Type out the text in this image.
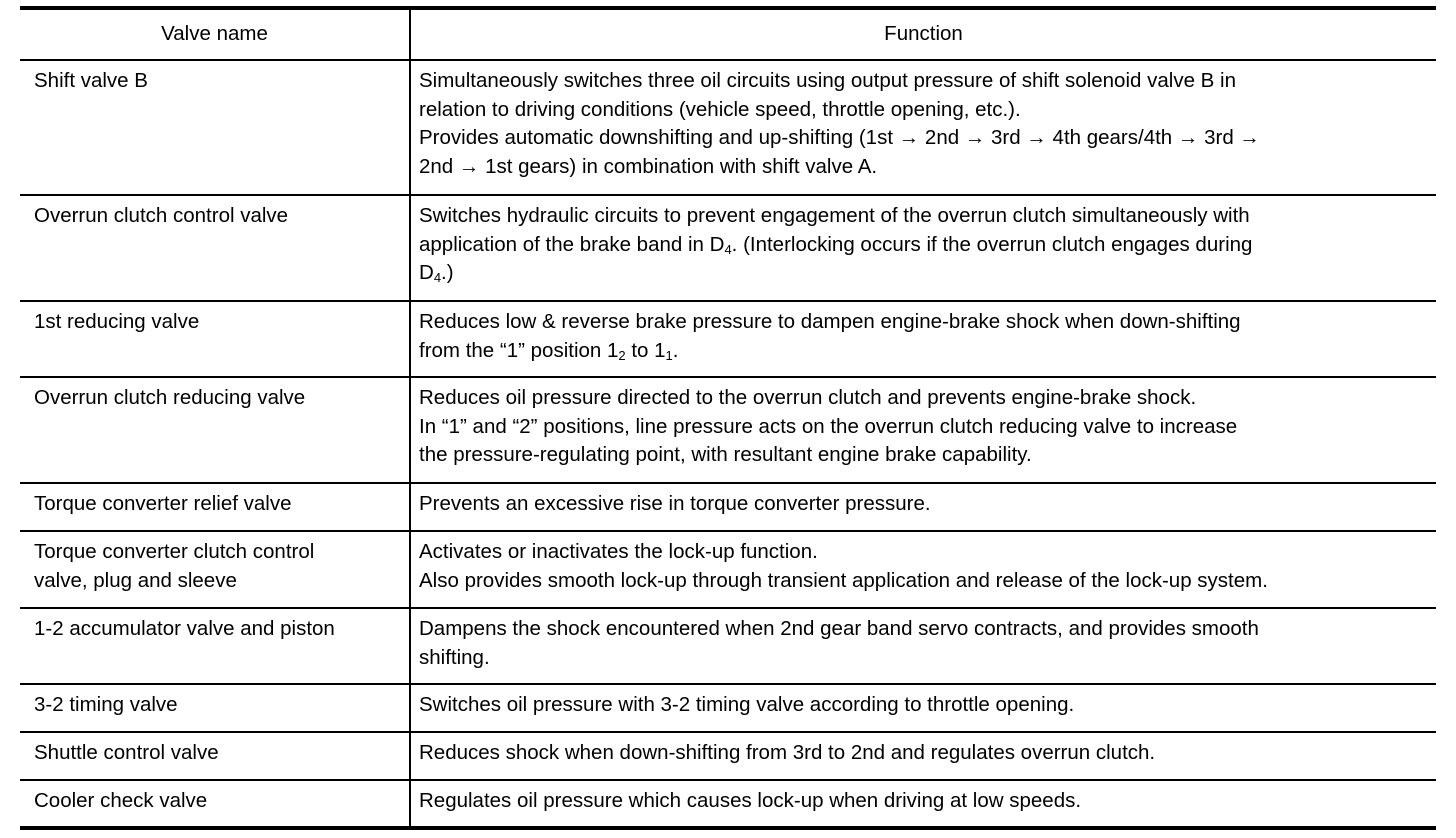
Valve name	Function
Shift valve B	Simultaneously switches three oil circuits using output pressure of shift solenoid valve B in
relation to driving conditions (vehicle speed, throttle opening, etc.).
Provides automatic downshifting and up-shifting (1st → 2nd → 3rd → 4th gears/4th → 3rd →
2nd → 1st gears) in combination with shift valve A.

Overrun clutch control valve	Switches hydraulic circuits to prevent engagement of the overrun clutch simultaneously with
application of the brake band in $D_4$. (Interlocking occurs if the overrun clutch engages during
$D_4$.)

1st reducing valve	Reduces low & reverse brake pressure to dampen engine-brake shock when down-shifting
from the “1” position $1_2$ to $1_1$.

Overrun clutch reducing valve	Reduces oil pressure directed to the overrun clutch and prevents engine-brake shock.
In “1” and “2” positions, line pressure acts on the overrun clutch reducing valve to increase
the pressure-regulating point, with resultant engine brake capability.

Torque converter relief valve	Prevents an excessive rise in torque converter pressure.

Torque converter clutch control
valve, plug and sleeve	Activates or inactivates the lock-up function.
Also provides smooth lock-up through transient application and release of the lock-up system.

1-2 accumulator valve and piston	Dampens the shock encountered when 2nd gear band servo contracts, and provides smooth
shifting.

3-2 timing valve	Switches oil pressure with 3-2 timing valve according to throttle opening.

Shuttle control valve	Reduces shock when down-shifting from 3rd to 2nd and regulates overrun clutch.

Cooler check valve	Regulates oil pressure which causes lock-up when driving at low speeds.
